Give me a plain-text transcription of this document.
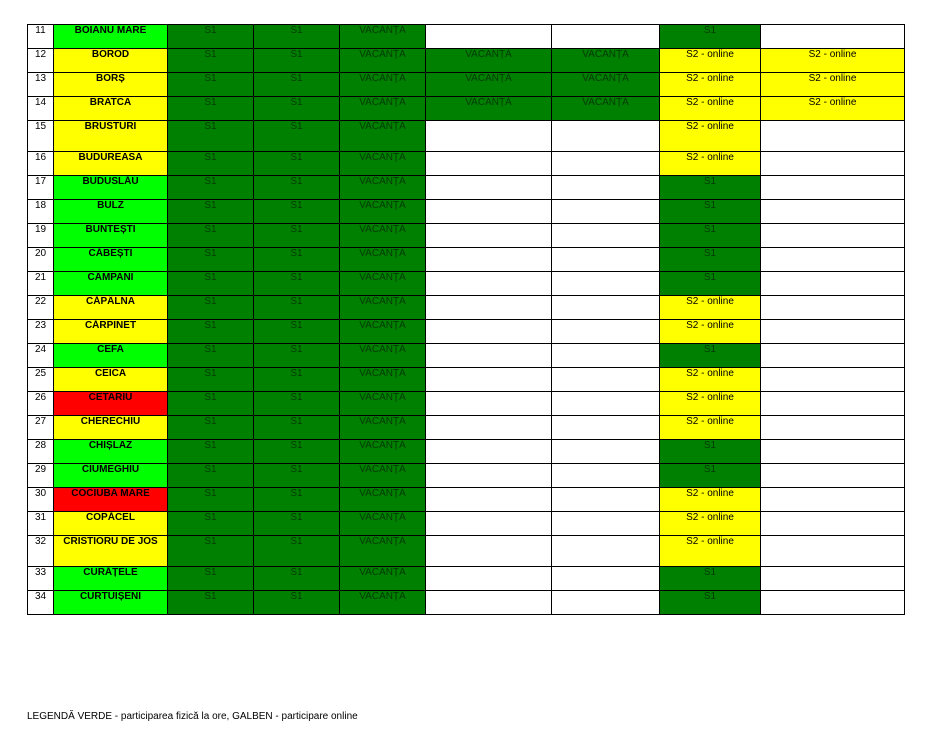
11	BOIANU MARE	S1	S1	VACANȚĂ			S1	
12	BOROD	S1	S1	VACANȚĂ	VACANȚĂ	VACANȚĂ	S2 - online	S2 - online
13	BORȘ	S1	S1	VACANȚĂ	VACANȚĂ	VACANȚĂ	S2 - online	S2 - online
14	BRATCA	S1	S1	VACANȚĂ	VACANȚĂ	VACANȚĂ	S2 - online	S2 - online
15	BRUSTURI	S1	S1	VACANȚĂ			S2 - online	
16	BUDUREASA	S1	S1	VACANȚĂ			S2 - online	
17	BUDUSLĂU	S1	S1	VACANȚĂ			S1	
18	BULZ	S1	S1	VACANȚĂ			S1	
19	BUNTEȘTI	S1	S1	VACANȚĂ			S1	
20	CĂBEȘTI	S1	S1	VACANȚĂ			S1	
21	CÂMPANI	S1	S1	VACANȚĂ			S1	
22	CĂPÂLNA	S1	S1	VACANȚĂ			S2 - online	
23	CĂRPINET	S1	S1	VACANȚĂ			S2 - online	
24	CEFA	S1	S1	VACANȚĂ			S1	
25	CEICA	S1	S1	VACANȚĂ			S2 - online	
26	CETARIU	S1	S1	VACANȚĂ			S2 - online	
27	CHERECHIU	S1	S1	VACANȚĂ			S2 - online	
28	CHIȘLAZ	S1	S1	VACANȚĂ			S1	
29	CIUMEGHIU	S1	S1	VACANȚĂ			S1	
30	COCIUBA MARE	S1	S1	VACANȚĂ			S2 - online	
31	COPĂCEL	S1	S1	VACANȚĂ			S2 - online	
32	CRISTIORU DE JOS	S1	S1	VACANȚĂ			S2 - online	
33	CURĂȚELE	S1	S1	VACANȚĂ			S1	
34	CURTUIȘENI	S1	S1	VACANȚĂ			S1	
LEGENDĂ VERDE - participarea fizică la ore, GALBEN - participare online
